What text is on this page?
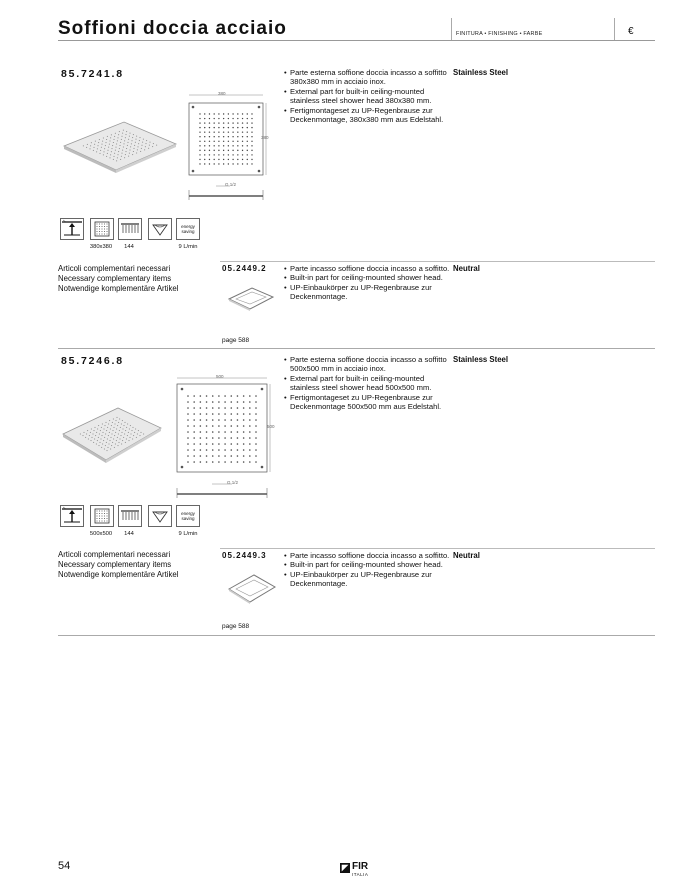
Soffioni doccia acciaio	FINITURA • FINISHING • FARBE	€
85.7241.8
380
380
G 1/2
• Parte esterna soffione doccia incasso a soffitto 380x380 mm in acciaio inox.
• External part for built-in ceiling-mounted stainless steel shower head 380x380 mm.
• Fertigmontageset zu UP-Regenbrause zur Deckenmontage, 380x380 mm aus Edelstahl.
Stainless Steel
energy
saving
380x380	144	9 L/min
Articoli complementari necessari
Necessary complementary items
Notwendige komplementäre Artikel
05.2449.2	• Parte incasso soffione doccia incasso a soffitto.
• Built-in part for ceiling-mounted shower head.
• UP-Einbaukörper zu UP-Regenbrause zur Deckenmontage.
Neutral
page 588
85.7246.8
500
500
G 1/2
• Parte esterna soffione doccia incasso a soffitto 500x500 mm in acciaio inox.
• External part for built-in ceiling-mounted stainless steel shower head 500x500 mm.
• Fertigmontageset zu UP-Regenbrause zur Deckenmontage 500x500 mm aus Edelstahl.
Stainless Steel
energy
saving
500x500	144	9 L/min
Articoli complementari necessari
Necessary complementary items
Notwendige komplementäre Artikel
05.2449.3	• Parte incasso soffione doccia incasso a soffitto.
• Built-in part for ceiling-mounted shower head.
• UP-Einbaukörper zu UP-Regenbrause zur Deckenmontage.
Neutral
page 588
54	◤ FIR
ITALIA
